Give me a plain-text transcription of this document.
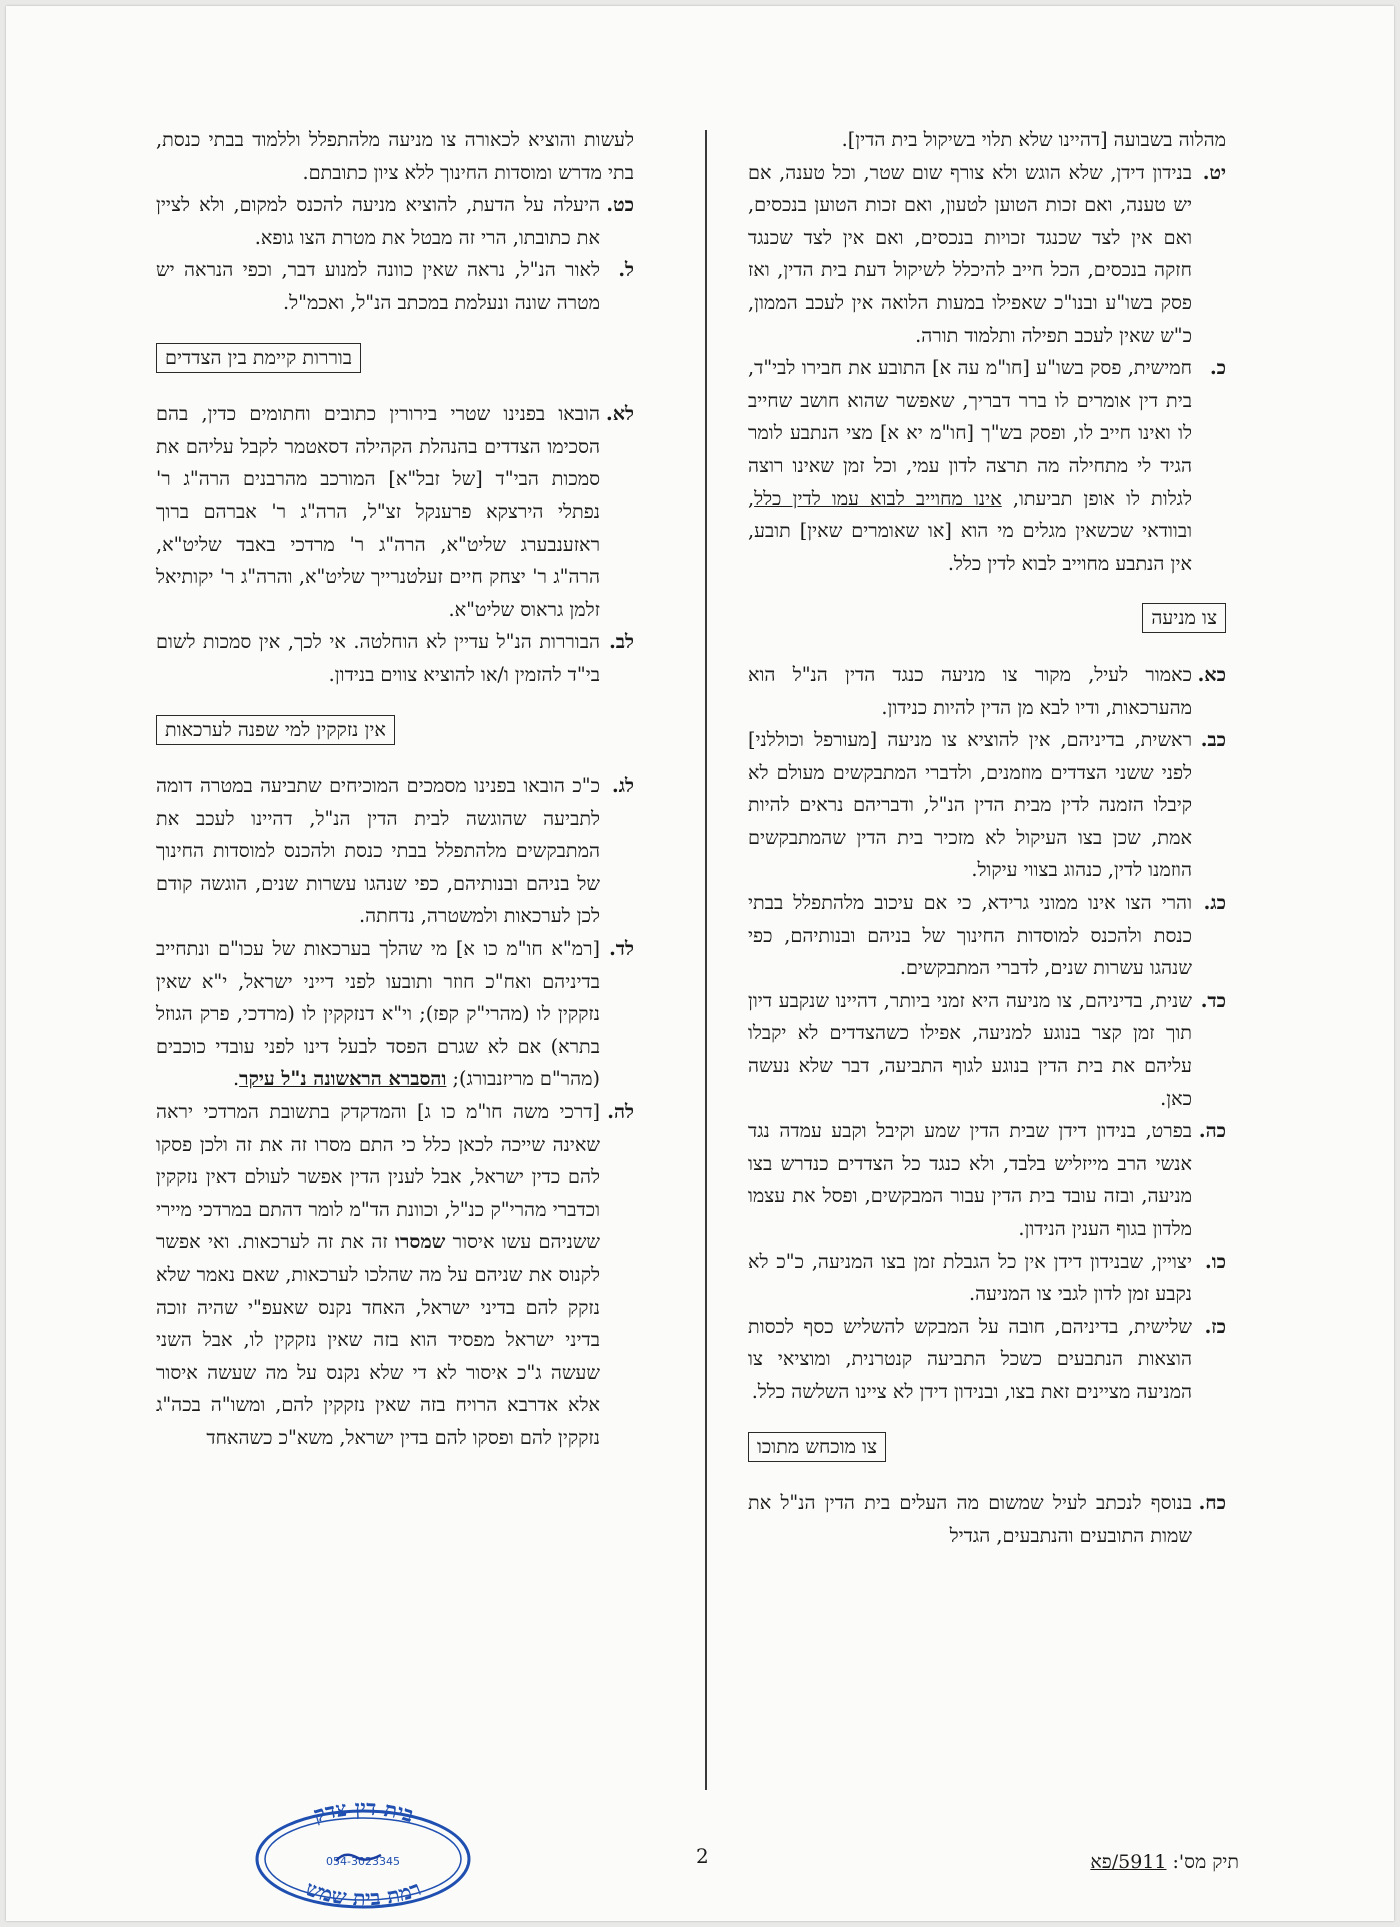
מהלוה בשבועה [דהיינו שלא תלוי בשיקול בית הדין].

יט.
בנידון דידן, שלא הוגש ולא צורף שום שטר, וכל טענה, אם יש טענה, ואם זכות הטוען לטעון, ואם זכות הטוען בנכסים, ואם אין לצד שכנגד זכויות בנכסים, ואם אין לצד שכנגד חזקה בנכסים, הכל חייב להיכלל לשיקול דעת בית הדין, ואז פסק בשו"ע ובנו"כ שאפילו במעות הלואה אין לעכב הממון, כ"ש שאין לעכב תפילה ותלמוד תורה.
כ.
חמישית, פסק בשו"ע [חו"מ עה א] התובע את חבירו לבי"ד, בית דין אומרים לו ברר דבריך, שאפשר שהוא חושב שחייב לו ואינו חייב לו, ופסק בש"ך [חו"מ יא א] מצי הנתבע לומר הגיד לי מתחילה מה תרצה לדון עמי, וכל זמן שאינו רוצה לגלות לו אופן תביעתו, אינו מחוייב לבוא עמו לדין כלל, ובוודאי שכשאין מגלים מי הוא [או שאומרים שאין] תובע, אין הנתבע מחוייב לבוא לדין כלל.
צו מניעה
כא.
כאמור לעיל, מקור צו מניעה כנגד הדין הנ"ל הוא מהערכאות, ודיו לבא מן הדין להיות כנידון.
כב.
ראשית, בדיניהם, אין להוציא צו מניעה [מעורפל וכוללני] לפני ששני הצדדים מוזמנים, ולדברי המתבקשים מעולם לא קיבלו הזמנה לדין מבית הדין הנ"ל, ודבריהם נראים להיות אמת, שכן בצו העיקול לא מזכיר בית הדין שהמתבקשים הוזמנו לדין, כנהוג בצווי עיקול.
כג.
והרי הצו אינו ממוני גרידא, כי אם עיכוב מלהתפלל בבתי כנסת ולהכנס למוסדות החינוך של בניהם ובנותיהם, כפי שנהגו עשרות שנים, לדברי המתבקשים.
כד.
שנית, בדיניהם, צו מניעה היא זמני ביותר, דהיינו שנקבע דיון תוך זמן קצר בנוגע למניעה, אפילו כשהצדדים לא יקבלו עליהם את בית הדין בנוגע לגוף התביעה, דבר שלא נעשה כאן.
כה.
בפרט, בנידון דידן שבית הדין שמע וקיבל וקבע עמדה נגד אנשי הרב מייזליש בלבד, ולא כנגד כל הצדדים כנדרש בצו מניעה, ובזה עובד בית הדין עבור המבקשים, ופסל את עצמו מלדון בגוף הענין הנידון.
כו.
יצויין, שבנידון דידן אין כל הגבלת זמן בצו המניעה, כ"כ לא נקבע זמן לדון לגבי צו המניעה.
כז.
שלישית, בדיניהם, חובה על המבקש להשליש כסף לכסות הוצאות הנתבעים כשכל התביעה קנטרנית, ומוציאי צו המניעה מציינים זאת בצו, ובנידון דידן לא ציינו השלשה כלל.
צו מוכחש מתוכו
כח.
בנוסף לנכתב לעיל שמשום מה העלים בית הדין הנ"ל את שמות התובעים והנתבעים, הגדיל

לעשות והוציא לכאורה צו מניעה מלהתפלל וללמוד בבתי כנסת, בתי מדרש ומוסדות החינוך ללא ציון כתובתם.

כט.
היעלה על הדעת, להוציא מניעה להכנס למקום, ולא לציין את כתובתו, הרי זה מבטל את מטרת הצו גופא.
ל.
לאור הנ"ל, נראה שאין כוונה למנוע דבר, וכפי הנראה יש מטרה שונה ונעלמת במכתב הנ"ל, ואכמ"ל.
בוררות קיימת בין הצדדים
לא.
הובאו בפנינו שטרי בירורין כתובים וחתומים כדין, בהם הסכימו הצדדים בהנהלת הקהילה דסאטמר לקבל עליהם את סמכות הבי"ד [של זבל"א] המורכב מהרבנים הרה"ג ר' נפתלי הירצקא פרענקל זצ"ל, הרה"ג ר' אברהם ברוך ראזענבערג שליט"א, הרה"ג ר' מרדכי באבד שליט"א, הרה"ג ר' יצחק חיים זעלטנרייך שליט"א, והרה"ג ר' יקותיאל זלמן גראוס שליט"א.
לב.
הבוררות הנ"ל עדיין לא הוחלטה. אי לכך, אין סמכות לשום בי"ד להזמין ו/או להוציא צווים בנידון.
אין נזקקין למי שפנה לערכאות
לג.
כ"כ הובאו בפנינו מסמכים המוכיחים שתביעה במטרה דומה לתביעה שהוגשה לבית הדין הנ"ל, דהיינו לעכב את המתבקשים מלהתפלל בבתי כנסת ולהכנס למוסדות החינוך של בניהם ובנותיהם, כפי שנהגו עשרות שנים, הוגשה קודם לכן לערכאות ולמשטרה, נדחתה.
לד.
[רמ"א חו"מ כו א] מי שהלך בערכאות של עכו"ם ונתחייב בדיניהם ואח"כ חוזר ותובעו לפני דייני ישראל, י"א שאין נזקקין לו (מהרי"ק קפז); וי"א דנזקקין לו (מרדכי, פרק הגוזל בתרא) אם לא שגרם הפסד לבעל דינו לפני עובדי כוכבים (מהר"ם מריזנבורג); והסברא הראשונה נ"ל עיקר.
לה.
[דרכי משה חו"מ כו ג] והמדקדק בתשובת המרדכי יראה שאינה שייכה לכאן כלל כי התם מסרו זה את זה ולכן פסקו להם כדין ישראל, אבל לענין הדין אפשר לעולם דאין נזקקין וכדברי מהרי"ק כנ"ל, וכוונת הד"מ לומר דהתם במרדכי מיירי ששניהם עשו איסור שמסרו זה את זה לערכאות. ואי אפשר לקנוס את שניהם על מה שהלכו לערכאות, שאם נאמר שלא נזקק להם בדיני ישראל, האחד נקנס שאעפ"י שהיה זוכה בדיני ישראל מפסיד הוא בזה שאין נזקקין לו, אבל השני שעשה ג"כ איסור לא די שלא נקנס על מה שעשה איסור אלא אדרבא הרויח בזה שאין נזקקין להם, ומשו"ה בכה"ג נזקקין להם ופסקו להם בדין ישראל, משא"כ כשהאחד
תיק מס': 5911/פא
2
בית דין צדק
רמת בית שמש
054-3023345
